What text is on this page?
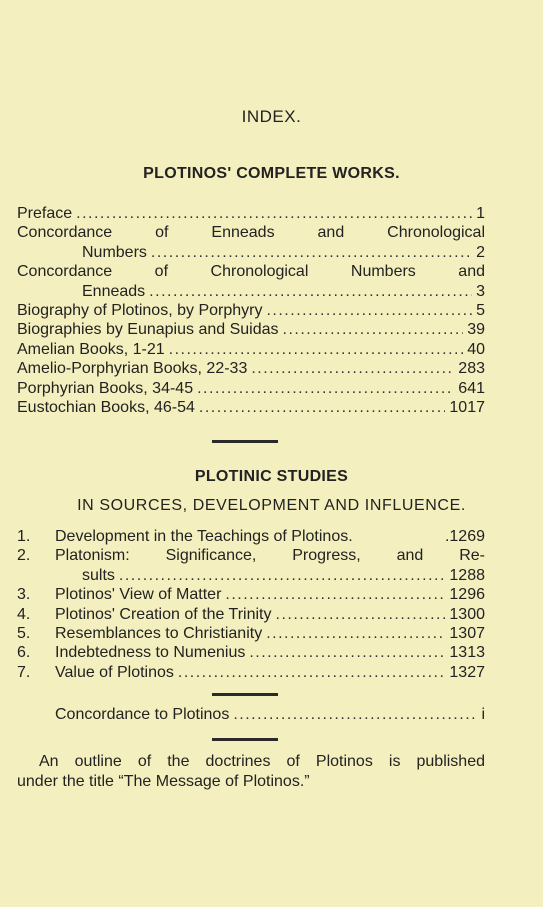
INDEX.
PLOTINOS' COMPLETE WORKS.
Preface .....	1
Concordance of Enneads and Chronological
Numbers .....	2
Concordance of Chronological Numbers and
Enneads .....	3
Biography of Plotinos, by Porphyry .....	5
Biographies by Eunapius and Suidas .....	39
Amelian Books, 1-21 .....	40
Amelio-Porphyrian Books, 22-33 .....	283
Porphyrian Books, 34-45 .....	641
Eustochian Books, 46-54 .....	1017
PLOTINIC STUDIES
IN SOURCES, DEVELOPMENT AND INFLUENCE.
1. Development in the Teachings of Plotinos.	.1269
2.	Platonism: Significance, Progress, and Re-
sults .....	1288
3. Plotinos' View of Matter .....	1296
4. Plotinos' Creation of the Trinity .....	1300
5. Resemblances to Christianity .....	1307
6. Indebtedness to Numenius .....	1313
7. Value of Plotinos .....	1327
Concordance to Plotinos .....	i
An outline of the doctrines of Plotinos is published
under the title “The Message of Plotinos.”
